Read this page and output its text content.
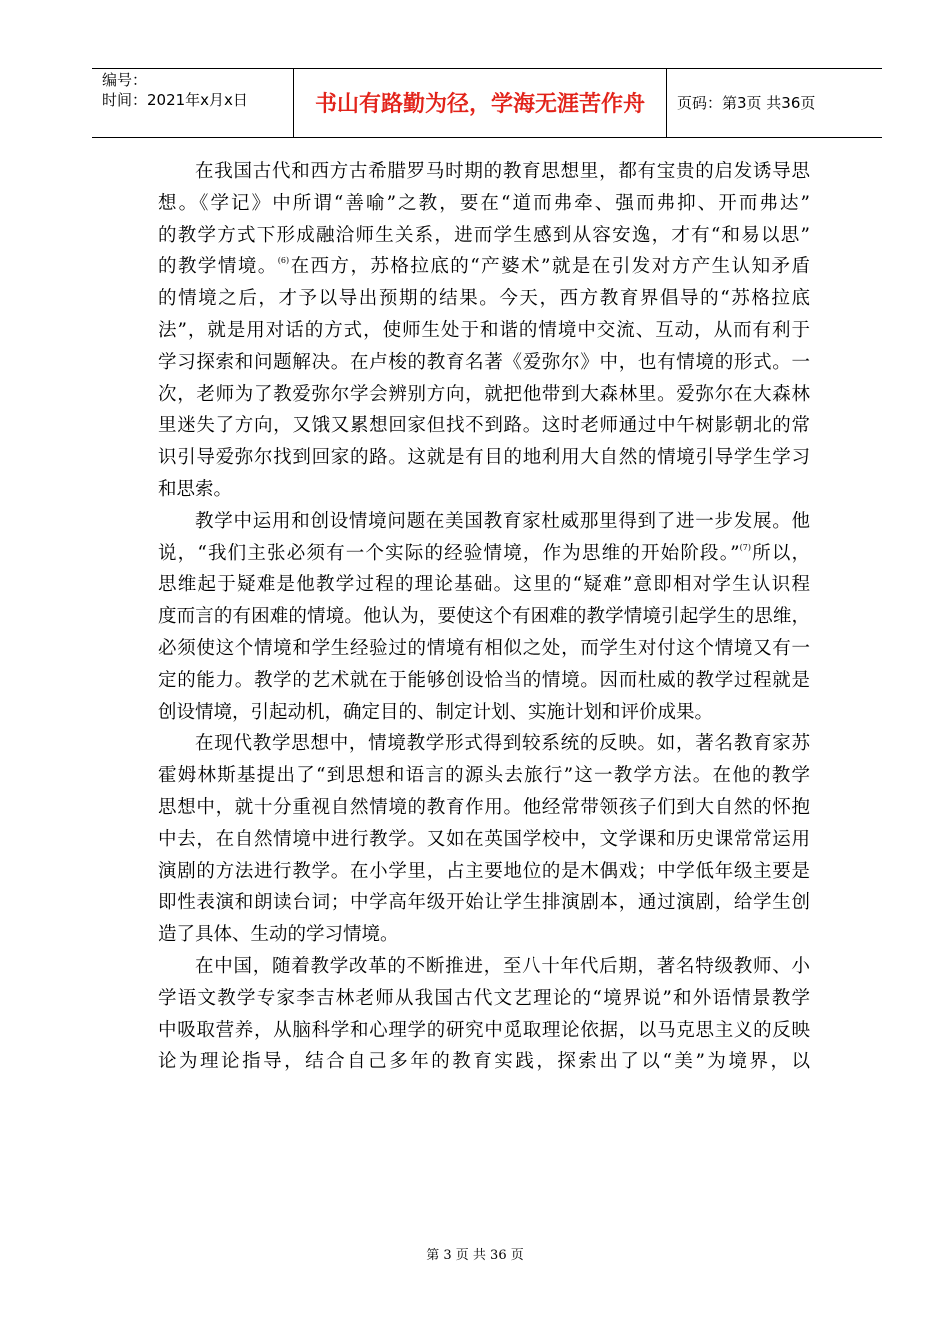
编号：
时间：2021年x月x日	书山有路勤为径，学海无涯苦作舟	页码：第3页 共36页
在我国古代和西方古希腊罗马时期的教育思想里，都有宝贵的启发诱导思
想。《学记》中所谓“善喻”之教，要在“道而弗牵、强而弗抑、开而弗达”
的教学方式下形成融洽师生关系，进而学生感到从容安逸，才有“和易以思”
的教学情境。$^{(6)}$在西方，苏格拉底的“产婆术”就是在引发对方产生认知矛盾
的情境之后，才予以导出预期的结果。今天，西方教育界倡导的“苏格拉底
法”，就是用对话的方式，使师生处于和谐的情境中交流、互动，从而有利于
学习探索和问题解决。在卢梭的教育名著《爱弥尔》中，也有情境的形式。一
次，老师为了教爱弥尔学会辨别方向，就把他带到大森林里。爱弥尔在大森林
里迷失了方向，又饿又累想回家但找不到路。这时老师通过中午树影朝北的常
识引导爱弥尔找到回家的路。这就是有目的地利用大自然的情境引导学生学习
和思索。
教学中运用和创设情境问题在美国教育家杜威那里得到了进一步发展。他
说，“我们主张必须有一个实际的经验情境，作为思维的开始阶段。”$^{(7)}$所以，
思维起于疑难是他教学过程的理论基础。这里的“疑难”意即相对学生认识程
度而言的有困难的情境。他认为，要使这个有困难的教学情境引起学生的思维，
必须使这个情境和学生经验过的情境有相似之处，而学生对付这个情境又有一
定的能力。教学的艺术就在于能够创设恰当的情境。因而杜威的教学过程就是
创设情境，引起动机，确定目的、制定计划、实施计划和评价成果。
在现代教学思想中，情境教学形式得到较系统的反映。如，著名教育家苏
霍姆林斯基提出了“到思想和语言的源头去旅行”这一教学方法。在他的教学
思想中，就十分重视自然情境的教育作用。他经常带领孩子们到大自然的怀抱
中去，在自然情境中进行教学。又如在英国学校中，文学课和历史课常常运用
演剧的方法进行教学。在小学里，占主要地位的是木偶戏；中学低年级主要是
即性表演和朗读台词；中学高年级开始让学生排演剧本，通过演剧，给学生创
造了具体、生动的学习情境。
在中国，随着教学改革的不断推进，至八十年代后期，著名特级教师、小
学语文教学专家李吉林老师从我国古代文艺理论的“境界说”和外语情景教学
中吸取营养，从脑科学和心理学的研究中觅取理论依据，以马克思主义的反映
论为理论指导，结合自己多年的教育实践，探索出了以“美”为境界，以
第 3 页 共 36 页
